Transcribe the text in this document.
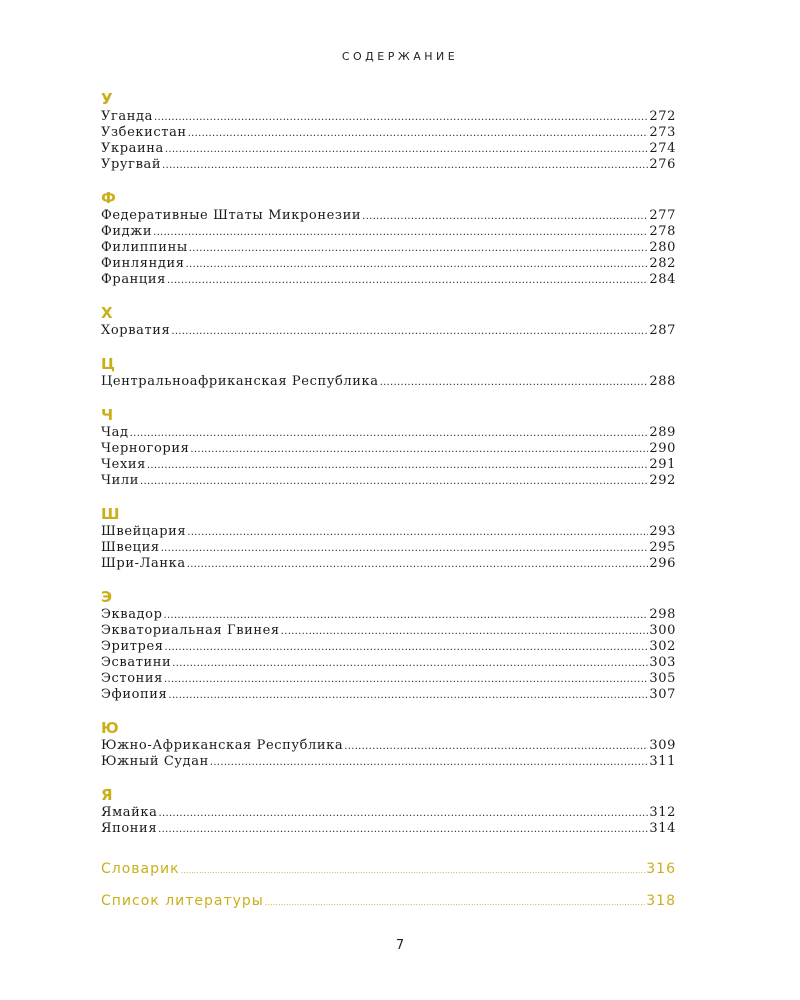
СОДЕРЖАНИЕ
У
Уганда .....	272
Узбекистан .....	273
Украина .....	274
Уругвай .....	276
Ф
Федеративные Штаты Микронезии .....	277
Фиджи .....	278
Филиппины .....	280
Финляндия .....	282
Франция .....	284
Х
Хорватия .....	287
Ц
Центральноафриканская Республика .....	288
Ч
Чад .....	289
Черногория .....	290
Чехия .....	291
Чили .....	292
Ш
Швейцария .....	293
Швеция .....	295
Шри-Ланка .....	296
Э
Эквадор .....	298
Экваториальная Гвинея .....	300
Эритрея .....	302
Эсватини .....	303
Эстония .....	305
Эфиопия .....	307
Ю
Южно-Африканская Республика .....	309
Южный Судан .....	311
Я
Ямайка .....	312
Япония .....	314
Словарик .....	316
Список литературы .....	318
7
